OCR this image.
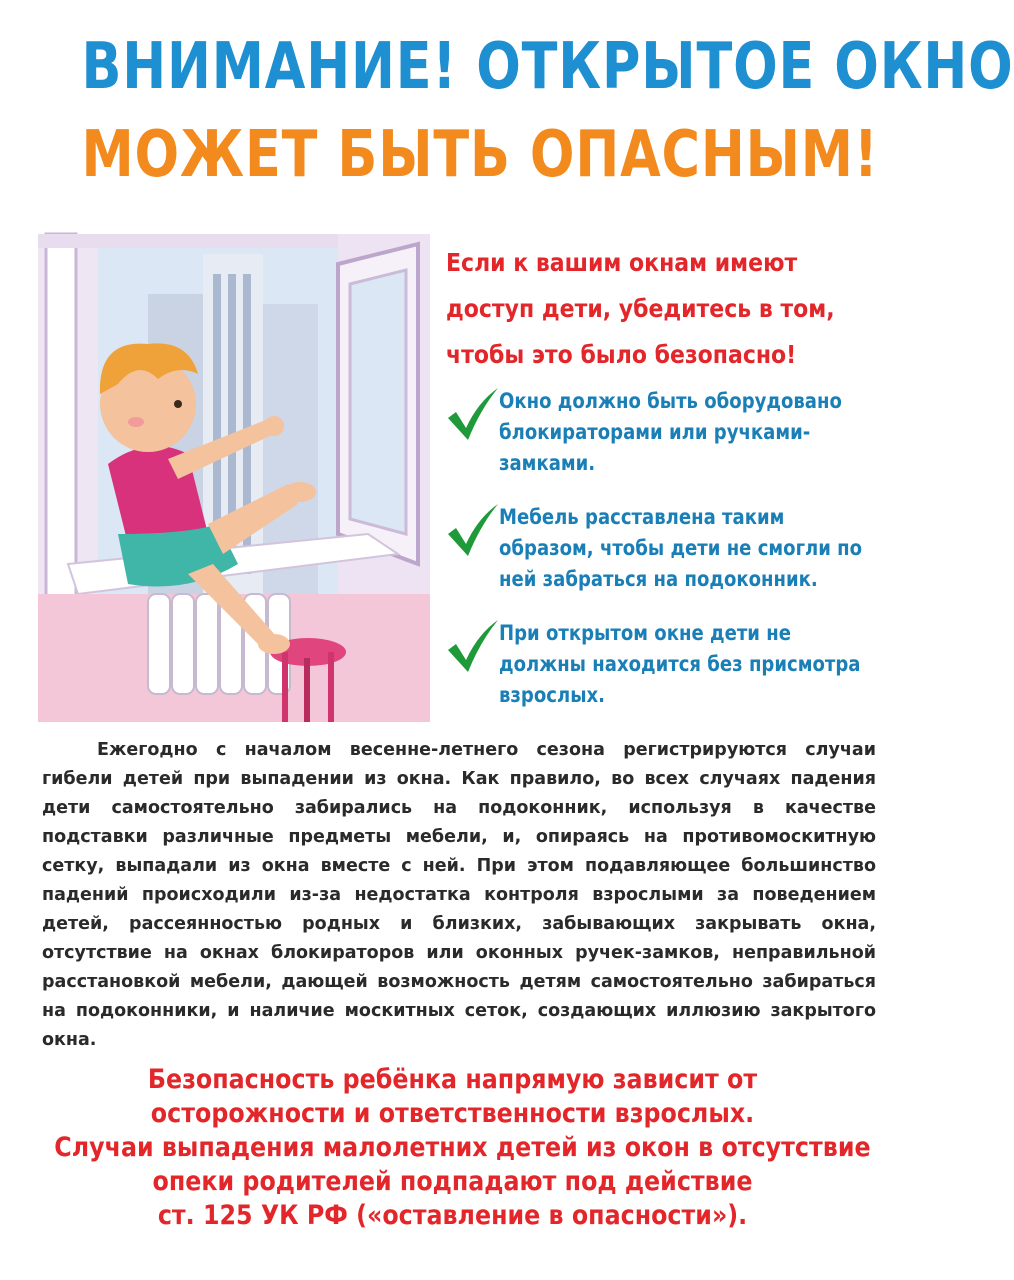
ВНИМАНИЕ! ОТКРЫТОЕ ОКНО
МОЖЕТ БЫТЬ ОПАСНЫМ!
Если к вашим окнам имеют
доступ дети, убедитесь в том,
чтобы это было безопасно!
Окно должно быть оборудовано
блокираторами или ручками-
замками.
Мебель расставлена таким
образом, чтобы дети не смогли по
ней забраться на подоконник.
При открытом окне дети не
должны находится без присмотра
взрослых.

Ежегодно с началом весенне-летнего сезона регистрируются случаи гибели детей при выпадении из окна. Как правило, во всех случаях падения дети самостоятельно забирались на подоконник, используя в качестве подставки различные предметы мебели, и, опираясь на противомоскитную сетку, выпадали из окна вместе с ней. При этом подавляющее большинство падений происходили из-за недостатка контроля взрослыми за поведением детей, рассеянностью родных и близких, забывающих закрывать окна, отсутствие на окнах блокираторов или оконных ручек-замков, неправильной расстановкой мебели, дающей возможность детям самостоятельно забираться на подоконники, и наличие москитных сеток, создающих иллюзию закрытого окна.

Безопасность ребёнка напрямую зависит от
осторожности и ответственности взрослых.
Случаи выпадения малолетних детей из окон в отсутствие
опеки родителей подпадают под действие
ст. 125 УК РФ («оставление в опасности»).
